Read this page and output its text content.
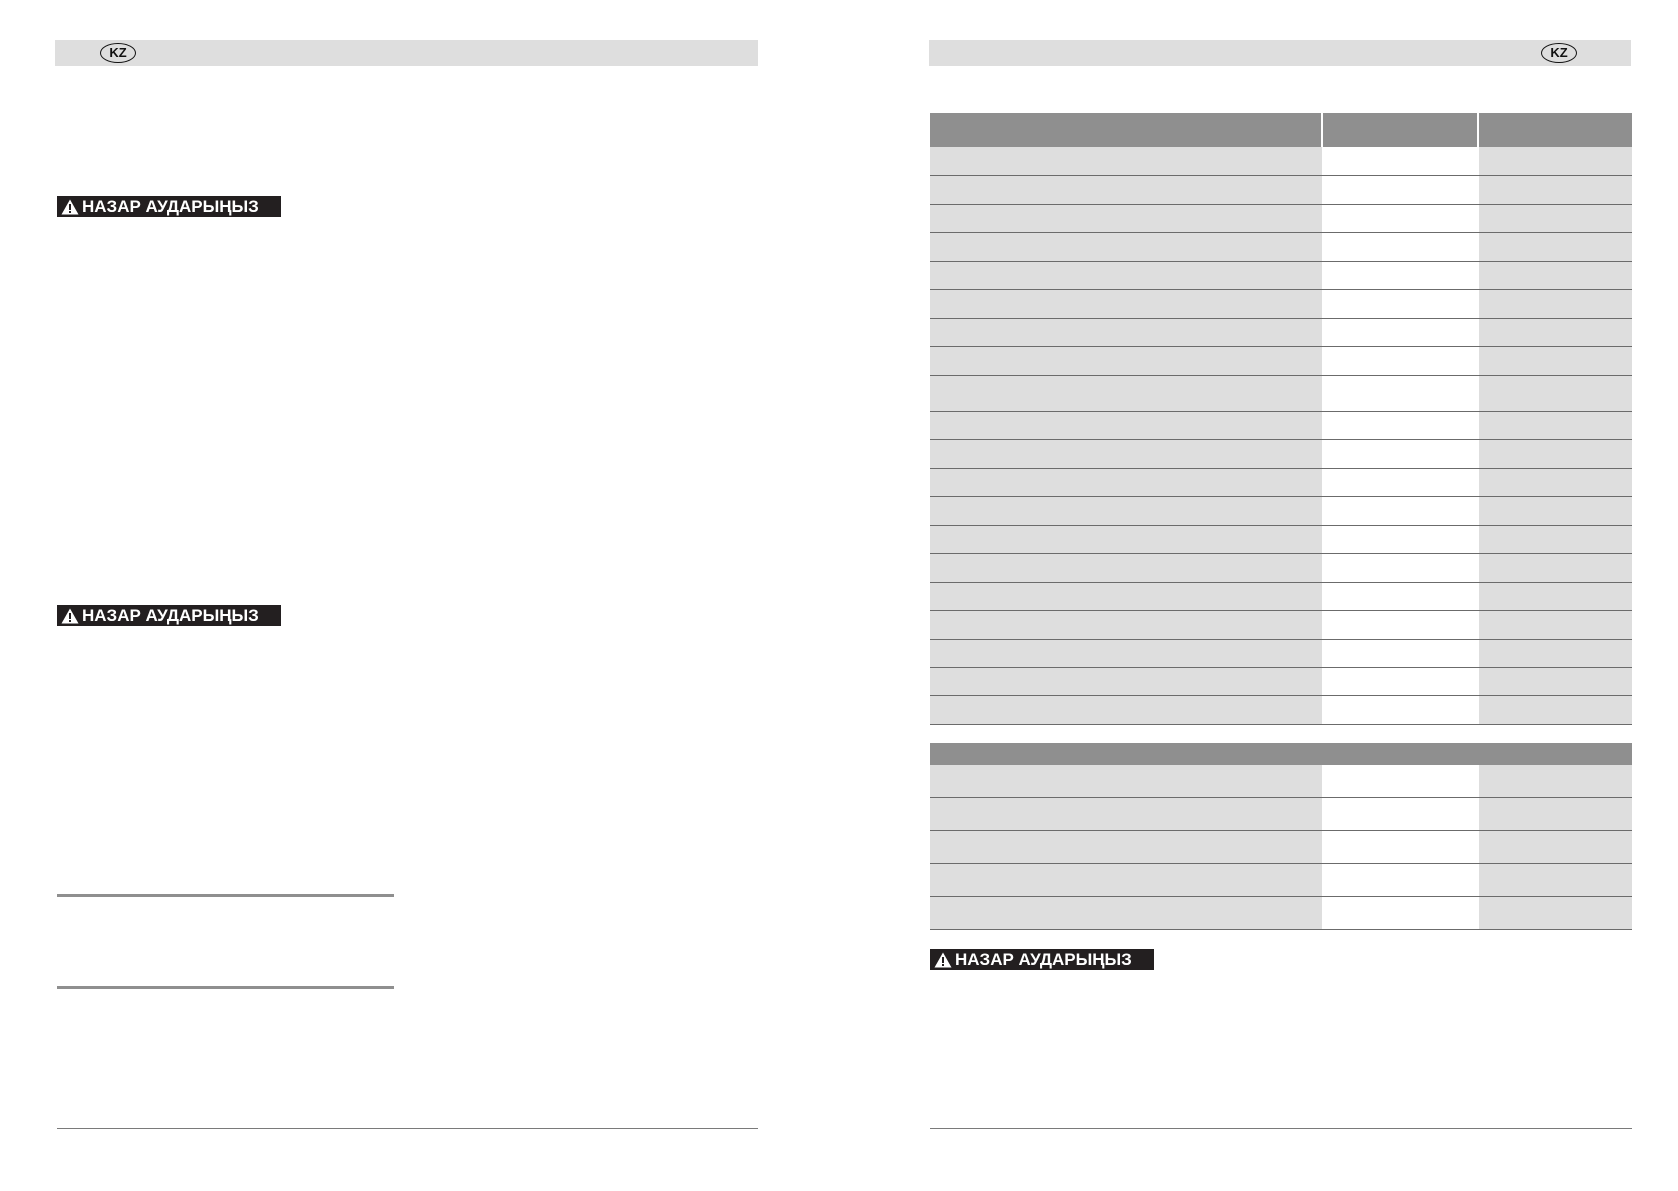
KZ
НАЗАР АУДАРЫҢЫЗ
НАЗАР АУДАРЫҢЫЗ
KZ
НАЗАР АУДАРЫҢЫЗ
